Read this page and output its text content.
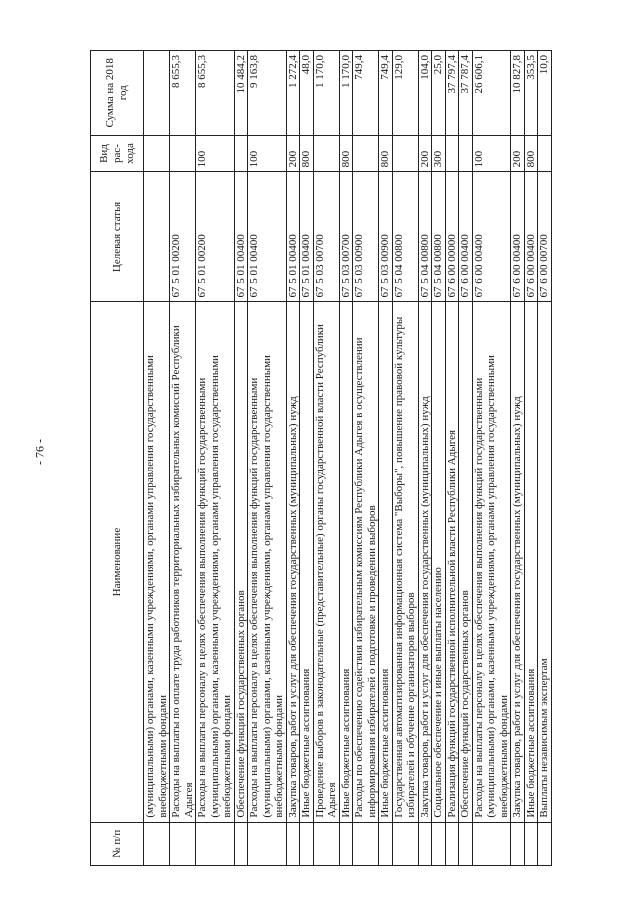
- 76 -
№ п/п	Наименование	Целевая статья	Вид рас- хода	Сумма на 2018 год
	(муниципальными) органами, казенными учреждениями, органами управления государственными внебюджетными фондами			
	Расходы на выплаты по оплате труда работников территориальных избирательных комиссий Республики Адыгея	67 5 01 00200		8 655,3
	Расходы на выплаты персоналу в целях обеспечения выполнения функций государственными (муниципальными) органами, казенными учреждениями, органами управления государственными внебюджетными фондами	67 5 01 00200	100	8 655,3
	Обеспечение функций государственных органов	67 5 01 00400		10 484,2
	Расходы на выплаты персоналу в целях обеспечения выполнения функций государственными (муниципальными) органами, казенными учреждениями, органами управления государственными внебюджетными фондами	67 5 01 00400	100	9 163,8
	Закупка товаров, работ и услуг для обеспечения государственных (муниципальных) нужд	67 5 01 00400	200	1 272,4
	Иные бюджетные ассигнования	67 5 01 00400	800	48,0
	Проведение выборов в законодательные (представительные) органы государственной власти Республики Адыгея	67 5 03 00700		1 170,0
	Иные бюджетные ассигнования	67 5 03 00700	800	1 170,0
	Расходы по обеспечению содействия избирательным комиссиям Республики Адыгея в осуществлении информирования избирателей о подготовке и проведении выборов	67 5 03 00900		749,4
	Иные бюджетные ассигнования	67 5 03 00900	800	749,4
	Государственная автоматизированная информационная система "Выборы", повышение правовой культуры избирателей и обучение организаторов выборов	67 5 04 00800		129,0
	Закупка товаров, работ и услуг для обеспечения государственных (муниципальных) нужд	67 5 04 00800	200	104,0
	Социальное обеспечение и иные выплаты населению	67 5 04 00800	300	25,0
	Реализация функций государственной исполнительной власти Республики Адыгея	67 6 00 00000		37 797,4
	Обеспечение функций государственных органов	67 6 00 00400		37 787,4
	Расходы на выплаты персоналу в целях обеспечения выполнения функций государственными (муниципальными) органами, казенными учреждениями, органами управления государственными внебюджетными фондами	67 6 00 00400	100	26 606,1
	Закупка товаров, работ и услуг для обеспечения государственных (муниципальных) нужд	67 6 00 00400	200	10 827,8
	Иные бюджетные ассигнования	67 6 00 00400	800	353,5
	Выплаты независимым экспертам	67 6 00 00700		10,0
